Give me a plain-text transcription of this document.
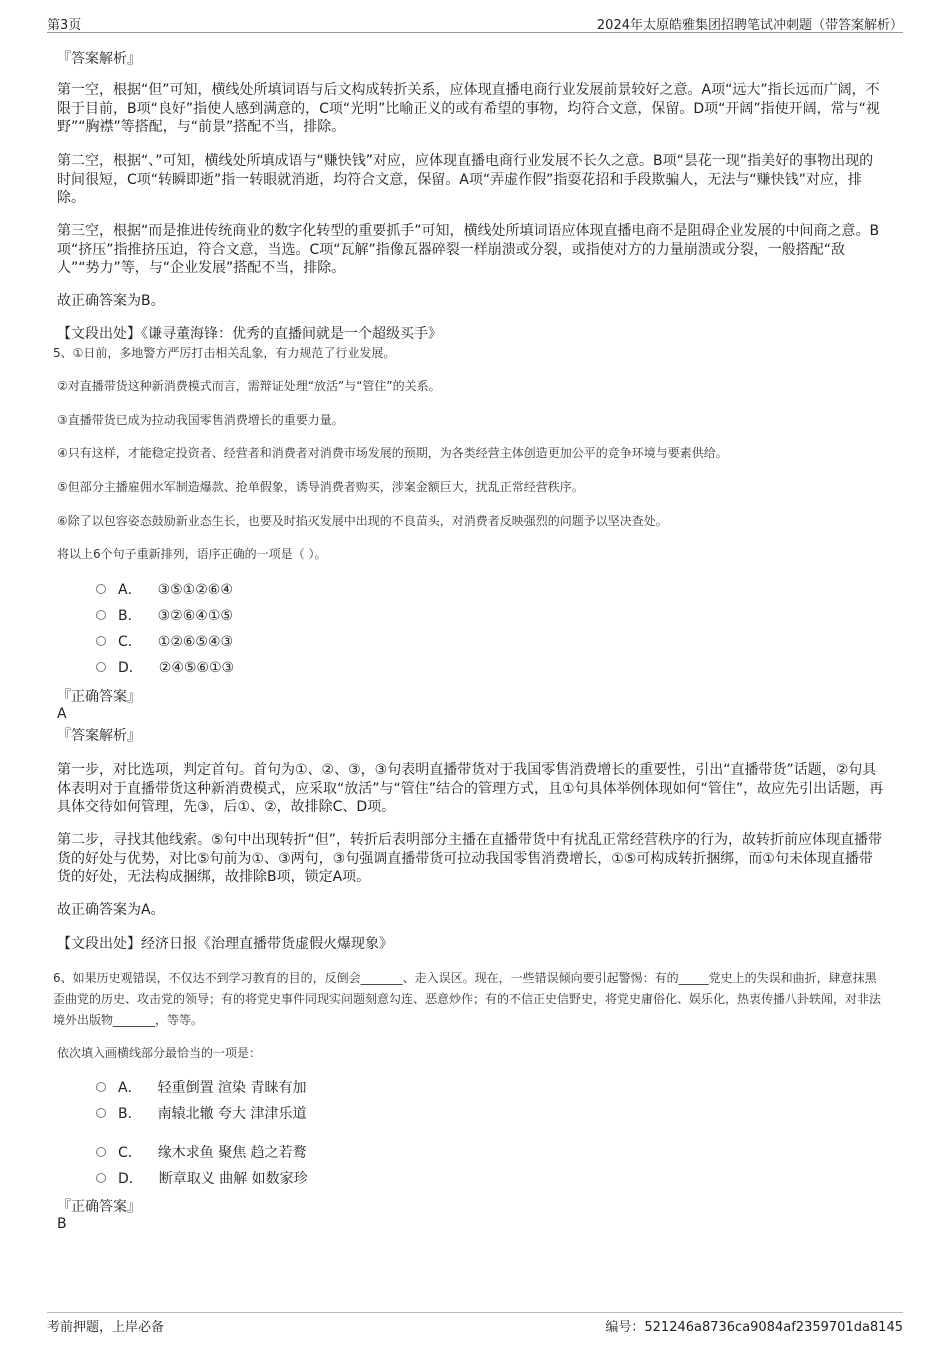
第3页	2024年太原皓雅集团招聘笔试冲刺题（带答案解析）
『答案解析』
第一空，根据“但”可知，横线处所填词语与后文构成转折关系，应体现直播电商行业发展前景较好之意。A项“远大”指长远而广阔，不限于目前，B项“良好”指使人感到满意的，C项“光明”比喻正义的或有希望的事物，均符合文意，保留。D项“开阔”指使开阔，常与“视野”“胸襟”等搭配，与“前景”搭配不当，排除。
第二空，根据“、”可知，横线处所填成语与“赚快钱”对应，应体现直播电商行业发展不长久之意。B项“昙花一现”指美好的事物出现的时间很短，C项“转瞬即逝”指一转眼就消逝，均符合文意，保留。A项“弄虚作假”指耍花招和手段欺骗人，无法与“赚快钱”对应，排除。
第三空，根据“而是推进传统商业的数字化转型的重要抓手”可知，横线处所填词语应体现直播电商不是阻碍企业发展的中间商之意。B项“挤压”指推挤压迫，符合文意，当选。C项“瓦解”指像瓦器碎裂一样崩溃或分裂，或指使对方的力量崩溃或分裂，一般搭配“敌人”“势力”等，与“企业发展”搭配不当，排除。
故正确答案为B。
【文段出处】《谦寻董海锋：优秀的直播间就是一个超级买手》
5、①日前，多地警方严厉打击相关乱象，有力规范了行业发展。
②对直播带货这种新消费模式而言，需辩证处理“放活”与“管住”的关系。
③直播带货已成为拉动我国零售消费增长的重要力量。
④只有这样，才能稳定投资者、经营者和消费者对消费市场发展的预期，为各类经营主体创造更加公平的竞争环境与要素供给。
⑤但部分主播雇佣水军制造爆款、抢单假象，诱导消费者购买，涉案金额巨大，扰乱正常经营秩序。
⑥除了以包容姿态鼓励新业态生长，也要及时掐灭发展中出现的不良苗头，对消费者反映强烈的问题予以坚决查处。
将以上6个句子重新排列，语序正确的一项是（ ）。
A． ③⑤①②⑥④
B． ③②⑥④①⑤
C． ①②⑥⑤④③
D． ②④⑤⑥①③
『正确答案』
A
『答案解析』
第一步，对比选项，判定首句。首句为①、②、③，③句表明直播带货对于我国零售消费增长的重要性，引出“直播带货”话题，②句具体表明对于直播带货这种新消费模式，应采取“放活”与“管住”结合的管理方式，且①句具体举例体现如何“管住”，故应先引出话题，再具体交待如何管理，先③，后①、②，故排除C、D项。
第二步，寻找其他线索。⑤句中出现转折“但”，转折后表明部分主播在直播带货中有扰乱正常经营秩序的行为，故转折前应体现直播带货的好处与优势，对比⑤句前为①、③两句，③句强调直播带货可拉动我国零售消费增长，①⑤可构成转折捆绑，而①句未体现直播带货的好处，无法构成捆绑，故排除B项，锁定A项。
故正确答案为A。
【文段出处】经济日报《治理直播带货虚假火爆现象》
6、如果历史观错误，不仅达不到学习教育的目的，反倒会_______、走入误区。现在，一些错误倾向要引起警惕：有的_____党史上的失误和曲折，肆意抹黑歪曲党的历史、攻击党的领导；有的将党史事件同现实问题刻意勾连、恶意炒作；有的不信正史信野史，将党史庸俗化、娱乐化，热衷传播八卦轶闻，对非法境外出版物_______，等等。
依次填入画横线部分最恰当的一项是：
A． 轻重倒置 渲染 青睐有加
B． 南辕北辙 夸大 津津乐道
C． 缘木求鱼 聚焦 趋之若鹜
D． 断章取义 曲解 如数家珍
『正确答案』
B
考前押题，上岸必备	编号：521246a8736ca9084af2359701da8145
